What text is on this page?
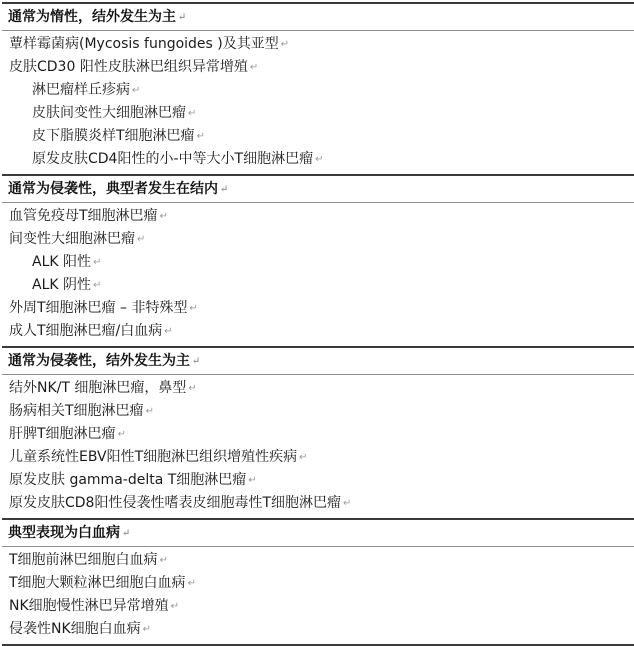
通常为惰性，结外发生为主 ↵
蕈样霉菌病(Mycosis fungoides )及其亚型 ↵
皮肤CD30 阳性皮肤淋巴组织异常增殖 ↵
淋巴瘤样丘疹病 ↵
皮肤间变性大细胞淋巴瘤 ↵
皮下脂膜炎样T细胞淋巴瘤 ↵
原发皮肤CD4阳性的小-中等大小T细胞淋巴瘤 ↵
通常为侵袭性，典型者发生在结内 ↵
血管免疫母T细胞淋巴瘤 ↵
间变性大细胞淋巴瘤 ↵
ALK 阳性 ↵
ALK 阴性 ↵
外周T细胞淋巴瘤 – 非特殊型 ↵
成人T细胞淋巴瘤/白血病 ↵
通常为侵袭性，结外发生为主 ↵
结外NK/T 细胞淋巴瘤，鼻型 ↵
肠病相关T细胞淋巴瘤 ↵
肝脾T细胞淋巴瘤 ↵
儿童系统性EBV阳性T细胞淋巴组织增殖性疾病 ↵
原发皮肤 gamma-delta T细胞淋巴瘤 ↵
原发皮肤CD8阳性侵袭性嗜表皮细胞毒性T细胞淋巴瘤 ↵
典型表现为白血病 ↵
T细胞前淋巴细胞白血病 ↵
T细胞大颗粒淋巴细胞白血病 ↵
NK细胞慢性淋巴异常增殖 ↵
侵袭性NK细胞白血病 ↵
